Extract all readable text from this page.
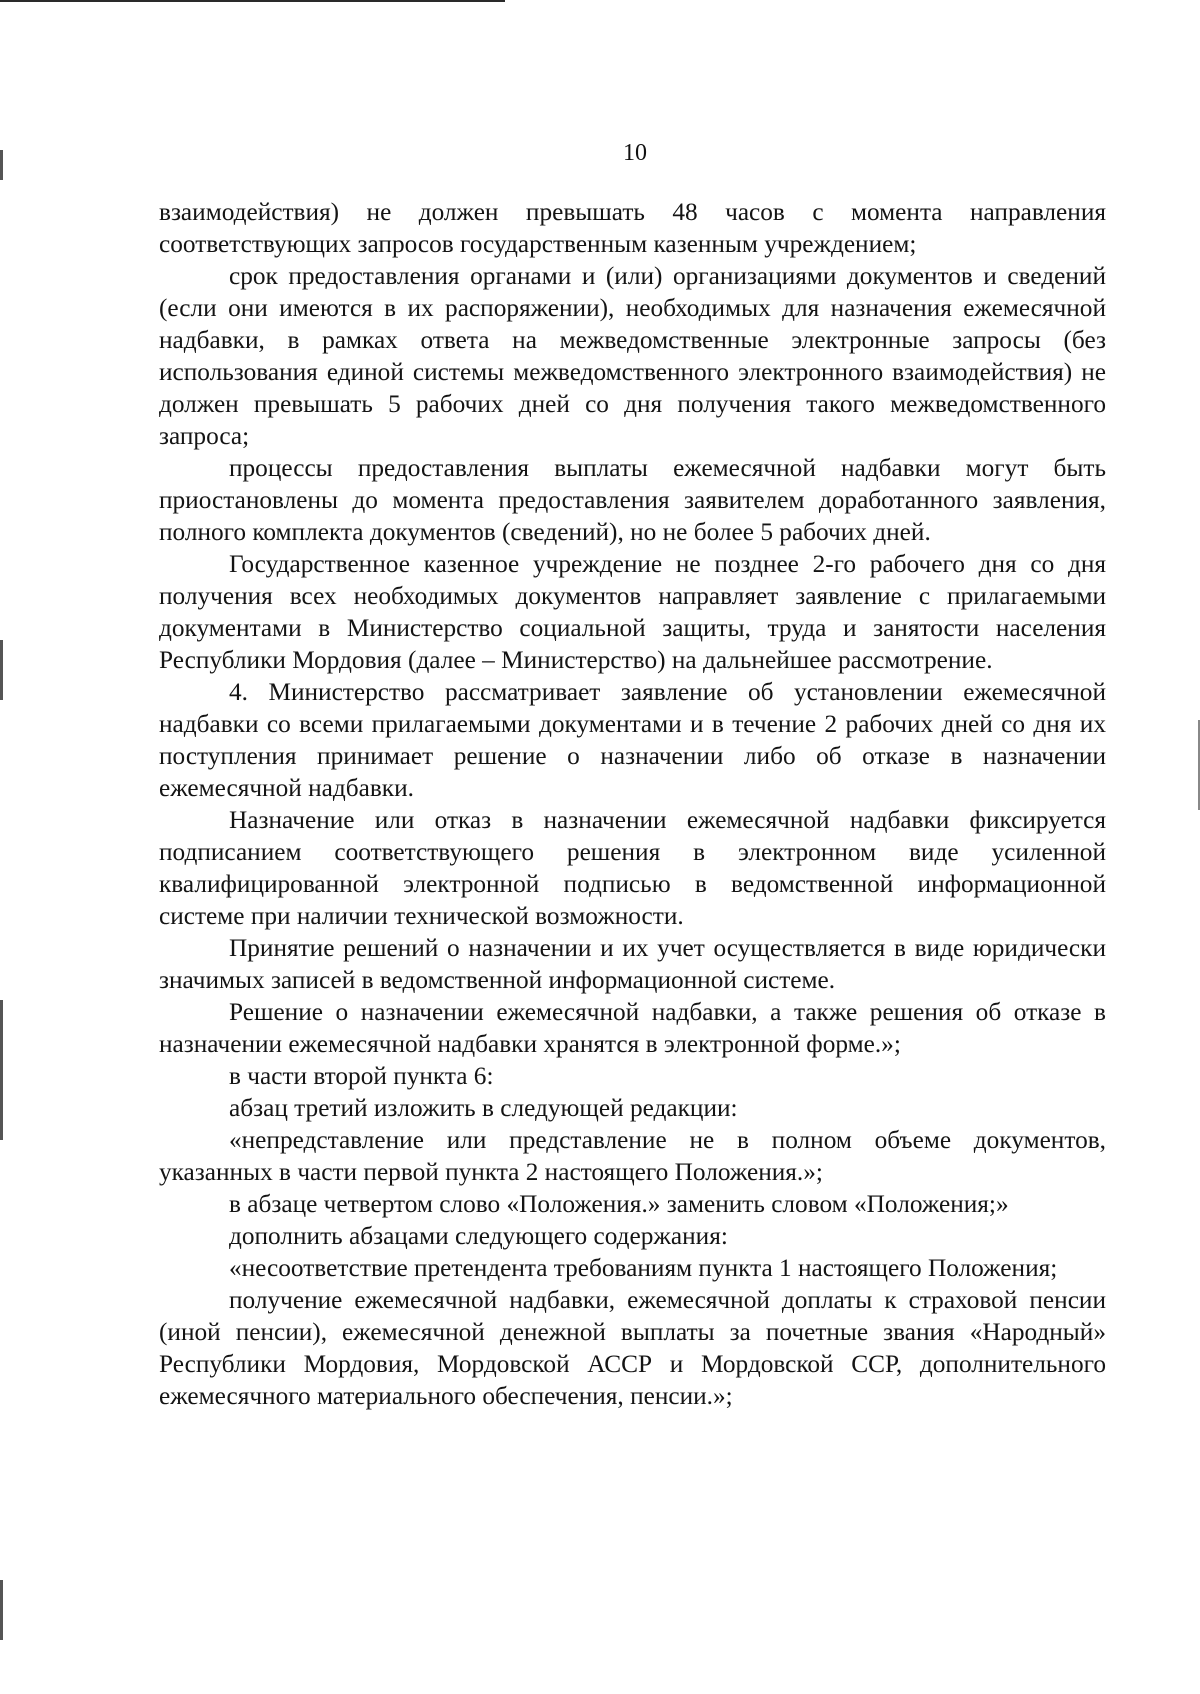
10

взаимодействия) не должен превышать 48 часов с момента направления соответствующих запросов государственным казенным учреждением;

срок предоставления органами и (или) организациями документов и сведений (если они имеются в их распоряжении), необходимых для назначения ежемесячной надбавки, в рамках ответа на межведомственные электронные запросы (без использования единой системы межведомственного электронного взаимодействия) не должен превышать 5 рабочих дней со дня получения такого межведомственного запроса;

процессы предоставления выплаты ежемесячной надбавки могут быть приостановлены до момента предоставления заявителем доработанного заявления, полного комплекта документов (сведений), но не более 5 рабочих дней.

Государственное казенное учреждение не позднее 2-го рабочего дня со дня получения всех необходимых документов направляет заявление с прилагаемыми документами в Министерство социальной защиты, труда и занятости населения Республики Мордовия (далее – Министерство) на дальнейшее рассмотрение.

4. Министерство рассматривает заявление об установлении ежемесячной надбавки со всеми прилагаемыми документами и в течение 2 рабочих дней со дня их поступления принимает решение о назначении либо об отказе в назначении ежемесячной надбавки.

Назначение или отказ в назначении ежемесячной надбавки фиксируется подписанием соответствующего решения в электронном виде усиленной квалифицированной электронной подписью в ведомственной информационной системе при наличии технической возможности.

Принятие решений о назначении и их учет осуществляется в виде юридически значимых записей в ведомственной информационной системе.

Решение о назначении ежемесячной надбавки, а также решения об отказе в назначении ежемесячной надбавки хранятся в электронной форме.»;

в части второй пункта 6:

абзац третий изложить в следующей редакции:

«непредставление или представление не в полном объеме документов, указанных в части первой пункта 2 настоящего Положения.»;

в абзаце четвертом слово «Положения.» заменить словом «Положения;»

дополнить абзацами следующего содержания:

«несоответствие претендента требованиям пункта 1 настоящего Положения;

получение ежемесячной надбавки, ежемесячной доплаты к страховой пенсии (иной пенсии), ежемесячной денежной выплаты за почетные звания «Народный» Республики Мордовия, Мордовской АССР и Мордовской ССР, дополнительного ежемесячного материального обеспечения, пенсии.»;
